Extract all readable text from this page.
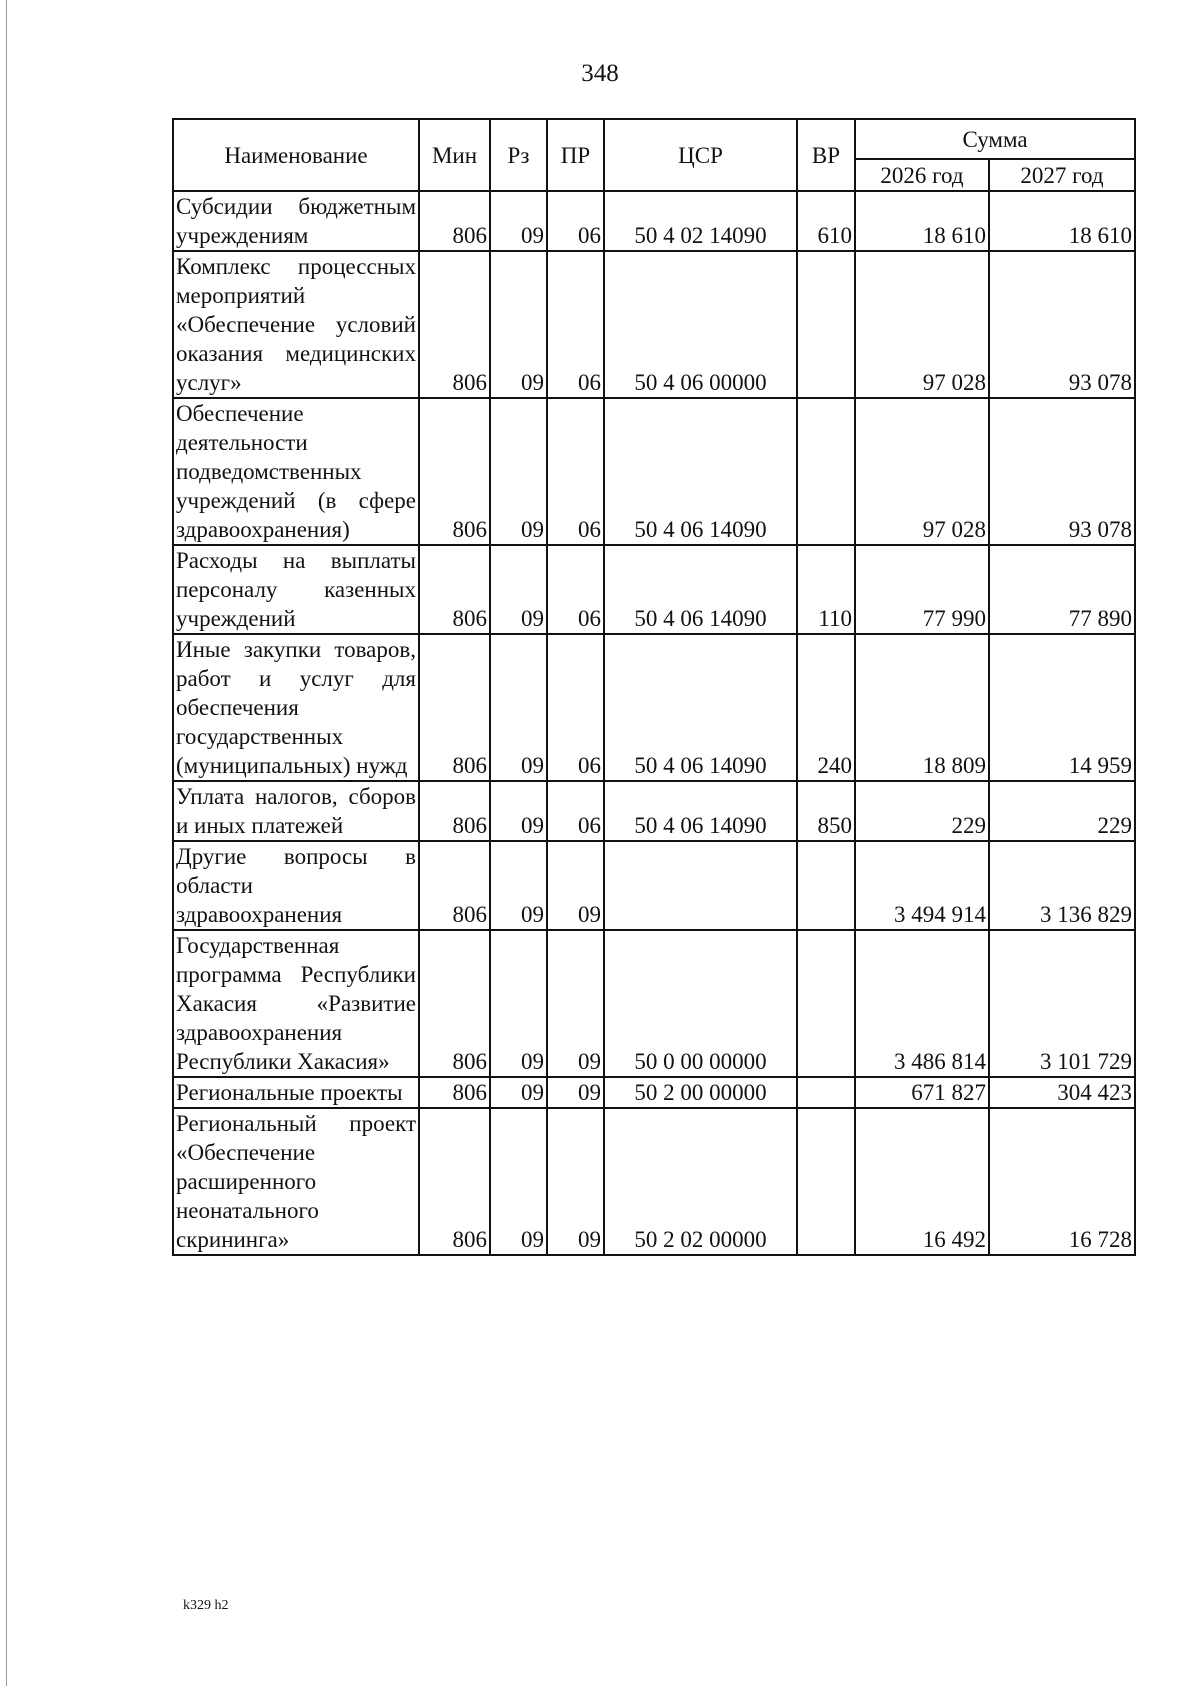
348
Наименование	Мин	Рз	ПР	ЦСР	ВР	Сумма	
						2026 год	2027 год
Субсидии бюджетным учреждениям	806	09	06	50 4 02 14090	610	18 610	18 610
Комплекс процессных мероприятий «Обеспечение условий оказания медицинских услуг»	806	09	06	50 4 06 00000		97 028	93 078
Обеспечение деятельности подведомственных учреждений (в сфере здравоохранения)	806	09	06	50 4 06 14090		97 028	93 078
Расходы на выплаты персоналу казенных учреждений	806	09	06	50 4 06 14090	110	77 990	77 890
Иные закупки товаров, работ и услуг для обеспечения государственных (муниципальных) нужд	806	09	06	50 4 06 14090	240	18 809	14 959
Уплата налогов, сборов и иных платежей	806	09	06	50 4 06 14090	850	229	229
Другие вопросы в области здравоохранения	806	09	09			3 494 914	3 136 829
Государственная программа Республики Хакасия «Развитие здравоохранения Республики Хакасия»	806	09	09	50 0 00 00000		3 486 814	3 101 729
Региональные проекты	806	09	09	50 2 00 00000		671 827	304 423
Региональный проект «Обеспечение расширенного неонатального скрининга»	806	09	09	50 2 02 00000		16 492	16 728
k329 h2
